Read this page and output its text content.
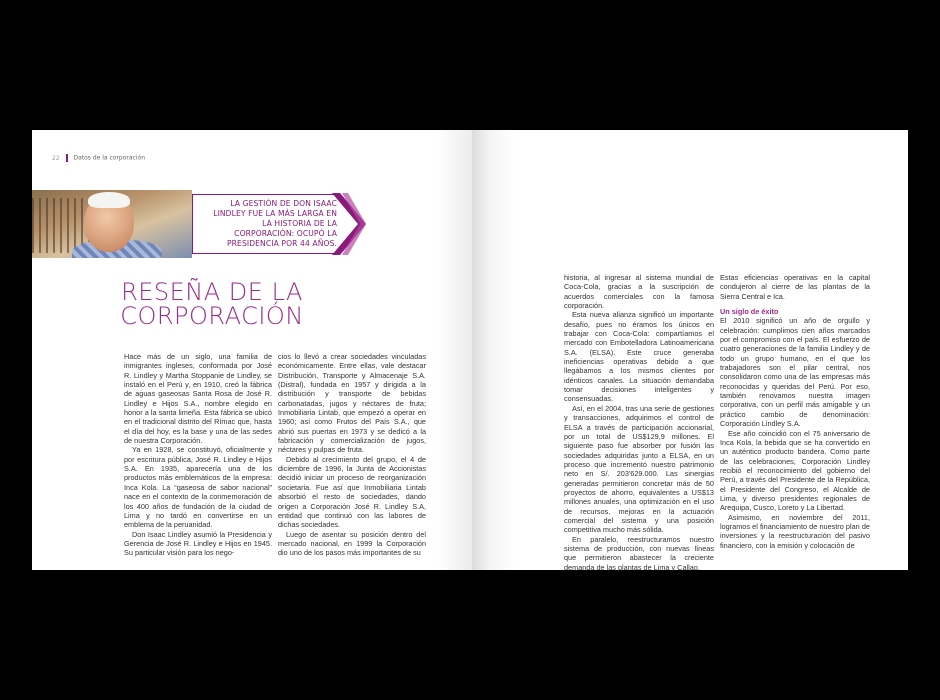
22 Datos de la corporación

LA GESTIÓN DE DON ISAAC LINDLEY FUE LA MÁS LARGA EN LA HISTORIA DE LA CORPORACIÓN: OCUPÓ LA PRESIDENCIA POR 44 AÑOS.

RESEÑA DE LA
CORPORACIÓN

Hace más de un siglo, una familia de inmigrantes ingleses, conformada por José R. Lindley y Martha Stoppanie de Lindley, se instaló en el Perú y, en 1910, creó la fábrica de aguas gaseosas Santa Rosa de José R. Lindley e Hijos S.A., nombre elegido en honor a la santa limeña. Esta fábrica se ubicó en el tradicional distrito del Rímac que, hasta el día del hoy, es la base y una de las sedes de nuestra Corporación.

Ya en 1928, se constituyó, oficialmente y por escritura pública, José R. Lindley e Hijos S.A. En 1935, aparecería una de los productos más emblemáticos de la empresa: Inca Kola. La “gaseosa de sabor nacional” nace en el contexto de la conmemoración de los 400 años de fundación de la ciudad de Lima y no tardó en convertirse en un emblema de la peruanidad.

Don Isaac Lindley asumió la Presidencia y Gerencia de José R. Lindley e Hijos en 1945. Su particular visión para los nego-

cios lo llevó a crear sociedades vinculadas económicamente. Entre ellas, vale destacar Distribución, Transporte y Almacenaje S.A. (Distral), fundada en 1957 y dirigida a la distribución y transporte de bebidas carbonatadas, jugos y néctares de fruta; Inmobiliaria Lintab, que empezó a operar en 1960; así como Frutos del País S.A., que abrió sus puertas en 1973 y se dedicó a la fabricación y comercialización de jugos, néctares y pulpas de fruta.

Debido al crecimiento del grupo, el 4 de diciembre de 1996, la Junta de Accionistas decidió iniciar un proceso de reorganización societaria. Fue así que Inmobiliaria Lintab absorbió el resto de sociedades, dando origen a Corporación José R. Lindley S.A, entidad que continuó con las labores de dichas sociedades.

Luego de asentar su posición dentro del mercado nacional, en 1999 la Corporación dio uno de los pasos más importantes de su

historia, al ingresar al sistema mundial de Coca-Cola, gracias a la suscripción de acuerdos comerciales con la famosa corporación.

Esta nueva alianza significó un importante desafío, pues no éramos los únicos en trabajar con Coca-Cola: compartíamos el mercado con Embotelladora Latinoamericana S.A. (ELSA). Este cruce generaba ineficiencias operativas debido a que llegábamos a los mismos clientes por idénticos canales. La situación demandaba tomar decisiones inteligentes y consensuadas.

Así, en el 2004, tras una serie de gestiones y transacciones, adquirimos el control de ELSA a través de participación accionarial, por un total de US$129,9 millones. El siguiente paso fue absorber por fusión las sociedades adquiridas junto a ELSA, en un proceso que incrementó nuestro patrimonio neto en S/. 203'629.000. Las sinergias generadas permitieron concretar más de 50 proyectos de ahorro, equivalentes a US$13 millones anuales, una optimización en el uso de recursos, mejoras en la actuación comercial del sistema y una posición competitiva mucho más sólida.

En paralelo, reestructuramos nuestro sistema de producción, con nuevas líneas que permitieron abastecer la creciente demanda de las plantas de Lima y Callao.

Estas eficiencias operativas en la capital condujeron al cierre de las plantas de la Sierra Central e Ica.

Un siglo de éxito

El 2010 significó un año de orgullo y celebración: cumplimos cien años marcados por el compromiso con el país. El esfuerzo de cuatro generaciones de la familia Lindley y de todo un grupo humano, en el que los trabajadores son el pilar central, nos consolidaron como una de las empresas más reconocidas y queridas del Perú. Por eso, también renovamos nuestra imagen corporativa, con un perfil más amigable y un práctico cambio de denominación: Corporación Lindley S.A.

Ese año coincidió con el 75 aniversario de Inca Kola, la bebida que se ha convertido en un auténtico producto bandera. Como parte de las celebraciones, Corporación Lindley recibió el reconocimiento del gobierno del Perú, a través del Presidente de la República, el Presidente del Congreso, el Alcalde de Lima, y diverso presidentes regionales de Arequipa, Cusco, Loreto y La Libertad.

Asimismo, en noviembre del 2011, logramos el financiamiento de nuestro plan de inversiones y la reestructuración del pasivo financiero, con la emisión y colocación de
